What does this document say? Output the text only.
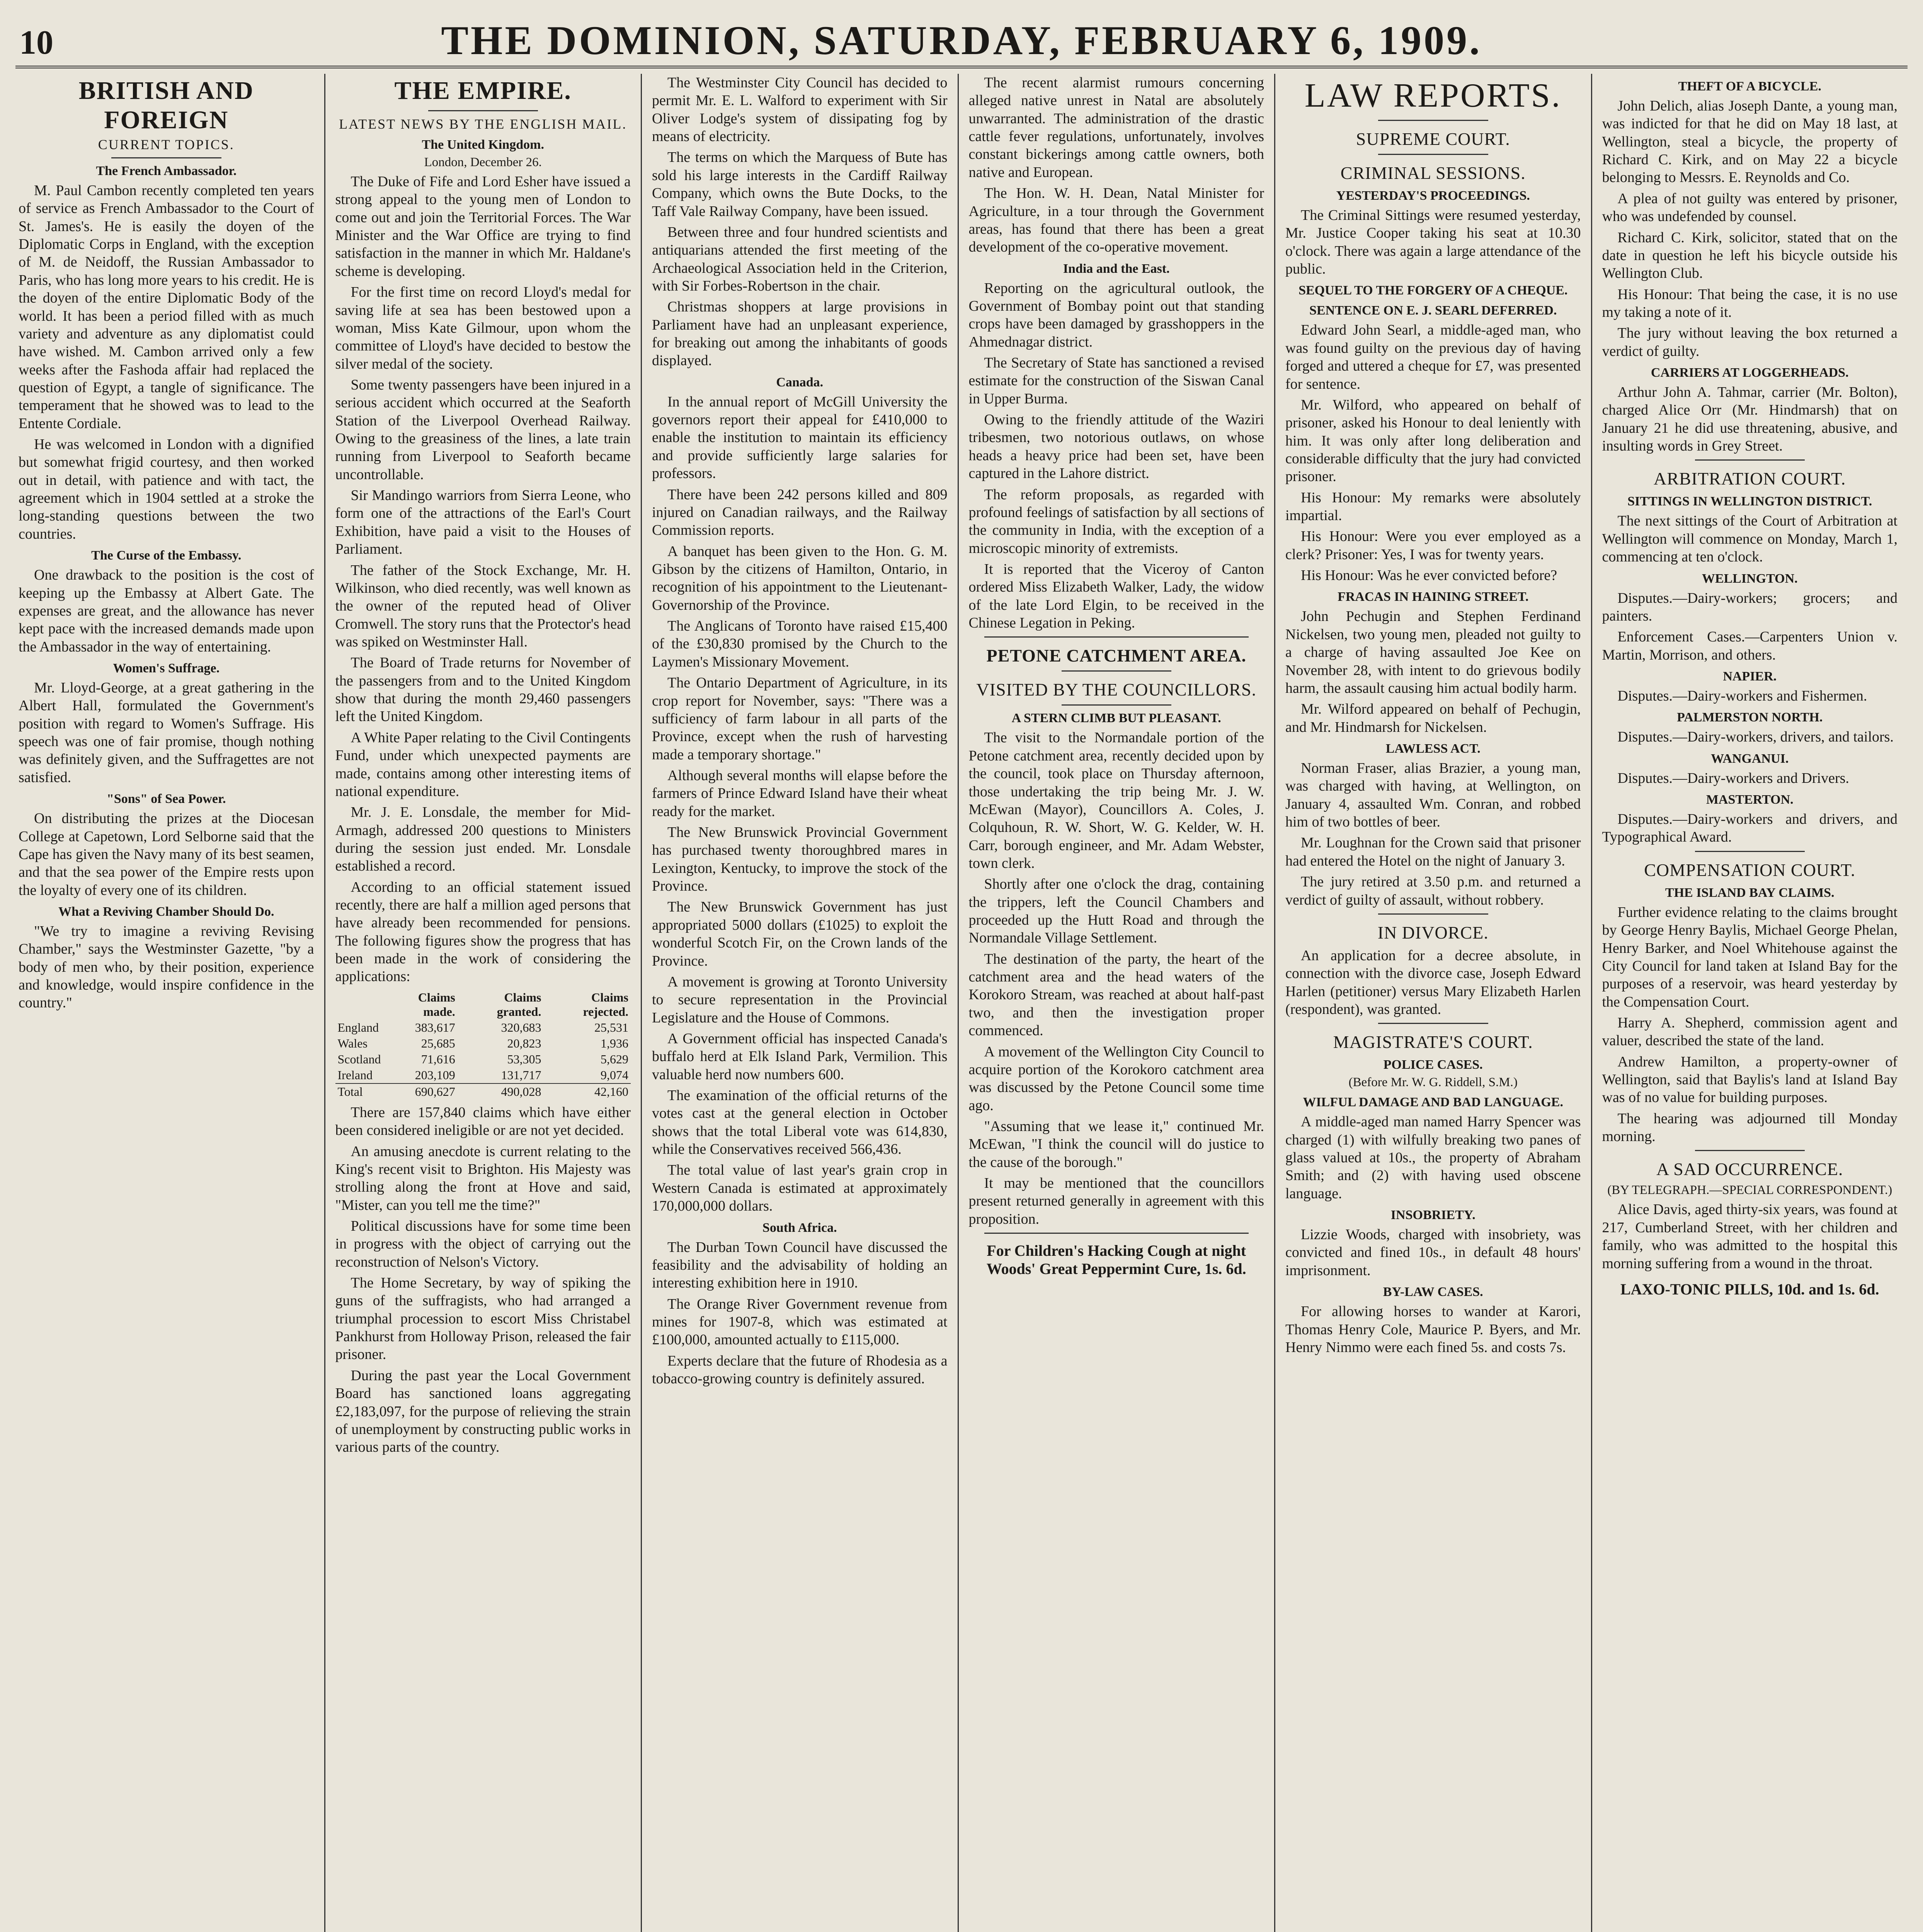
10	THE DOMINION, SATURDAY, FEBRUARY 6, 1909.
BRITISH AND FOREIGN
CURRENT TOPICS.
The French Ambassador.

M. Paul Cambon recently completed ten years of service as French Ambassador to the Court of St. James's. He is easily the doyen of the Diplomatic Corps in England, with the exception of M. de Neidoff, the Russian Ambassador to Paris, who has long more years to his credit. He is the doyen of the entire Diplomatic Body of the world. It has been a period filled with as much variety and adventure as any diplomatist could have wished. M. Cambon arrived only a few weeks after the Fashoda affair had replaced the question of Egypt, a tangle of significance. The temperament that he showed was to lead to the Entente Cordiale.

He was welcomed in London with a dignified but somewhat frigid courtesy, and then worked out in detail, with patience and with tact, the agreement which in 1904 settled at a stroke the long-standing questions between the two countries.

The Curse of the Embassy.

One drawback to the position is the cost of keeping up the Embassy at Albert Gate. The expenses are great, and the allowance has never kept pace with the increased demands made upon the Ambassador in the way of entertaining.

Women's Suffrage.

Mr. Lloyd-George, at a great gathering in the Albert Hall, formulated the Government's position with regard to Women's Suffrage. His speech was one of fair promise, though nothing was definitely given, and the Suffragettes are not satisfied.

"Sons" of Sea Power.

On distributing the prizes at the Diocesan College at Capetown, Lord Selborne said that the Cape has given the Navy many of its best seamen, and that the sea power of the Empire rests upon the loyalty of every one of its children.

What a Reviving Chamber Should Do.

"We try to imagine a reviving Revising Chamber," says the Westminster Gazette, "by a body of men who, by their position, experience and knowledge, would inspire confidence in the country."

THE EMPIRE.
LATEST NEWS BY THE ENGLISH MAIL.
The United Kingdom.
London, December 26.

The Duke of Fife and Lord Esher have issued a strong appeal to the young men of London to come out and join the Territorial Forces. The War Minister and the War Office are trying to find satisfaction in the manner in which Mr. Haldane's scheme is developing.

For the first time on record Lloyd's medal for saving life at sea has been bestowed upon a woman, Miss Kate Gilmour, upon whom the committee of Lloyd's have decided to bestow the silver medal of the society.

Some twenty passengers have been injured in a serious accident which occurred at the Seaforth Station of the Liverpool Overhead Railway. Owing to the greasiness of the lines, a late train running from Liverpool to Seaforth became uncontrollable.

Sir Mandingo warriors from Sierra Leone, who form one of the attractions of the Earl's Court Exhibition, have paid a visit to the Houses of Parliament.

The father of the Stock Exchange, Mr. H. Wilkinson, who died recently, was well known as the owner of the reputed head of Oliver Cromwell. The story runs that the Protector's head was spiked on Westminster Hall.

The Board of Trade returns for November of the passengers from and to the United Kingdom show that during the month 29,460 passengers left the United Kingdom.

A White Paper relating to the Civil Contingents Fund, under which unexpected payments are made, contains among other interesting items of national expenditure.

Mr. J. E. Lonsdale, the member for Mid-Armagh, addressed 200 questions to Ministers during the session just ended. Mr. Lonsdale established a record.

According to an official statement issued recently, there are half a million aged persons that have already been recommended for pensions. The following figures show the progress that has been made in the work of considering the applications:

	Claims made.	Claims granted.	Claims rejected.
England	383,617	320,683	25,531
Wales	25,685	20,823	1,936
Scotland	71,616	53,305	5,629
Ireland	203,109	131,717	9,074
Total	690,627	490,028	42,160

There are 157,840 claims which have either been considered ineligible or are not yet decided.

An amusing anecdote is current relating to the King's recent visit to Brighton. His Majesty was strolling along the front at Hove and said, "Mister, can you tell me the time?"

Political discussions have for some time been in progress with the object of carrying out the reconstruction of Nelson's Victory.

The Home Secretary, by way of spiking the guns of the suffragists, who had arranged a triumphal procession to escort Miss Christabel Pankhurst from Holloway Prison, released the fair prisoner.

During the past year the Local Government Board has sanctioned loans aggregating £2,183,097, for the purpose of relieving the strain of unemployment by constructing public works in various parts of the country.

The Westminster City Council has decided to permit Mr. E. L. Walford to experiment with Sir Oliver Lodge's system of dissipating fog by means of electricity.

The terms on which the Marquess of Bute has sold his large interests in the Cardiff Railway Company, which owns the Bute Docks, to the Taff Vale Railway Company, have been issued.

Between three and four hundred scientists and antiquarians attended the first meeting of the Archaeological Association held in the Criterion, with Sir Forbes-Robertson in the chair.

Christmas shoppers at large provisions in Parliament have had an unpleasant experience, for breaking out among the inhabitants of goods displayed.

Canada.

In the annual report of McGill University the governors report their appeal for £410,000 to enable the institution to maintain its efficiency and provide sufficiently large salaries for professors.

There have been 242 persons killed and 809 injured on Canadian railways, and the Railway Commission reports.

A banquet has been given to the Hon. G. M. Gibson by the citizens of Hamilton, Ontario, in recognition of his appointment to the Lieutenant-Governorship of the Province.

The Anglicans of Toronto have raised £15,400 of the £30,830 promised by the Church to the Laymen's Missionary Movement.

The Ontario Department of Agriculture, in its crop report for November, says: "There was a sufficiency of farm labour in all parts of the Province, except when the rush of harvesting made a temporary shortage."

Although several months will elapse before the farmers of Prince Edward Island have their wheat ready for the market.

The New Brunswick Provincial Government has purchased twenty thoroughbred mares in Lexington, Kentucky, to improve the stock of the Province.

The New Brunswick Government has just appropriated 5000 dollars (£1025) to exploit the wonderful Scotch Fir, on the Crown lands of the Province.

A movement is growing at Toronto University to secure representation in the Provincial Legislature and the House of Commons.

A Government official has inspected Canada's buffalo herd at Elk Island Park, Vermilion. This valuable herd now numbers 600.

The examination of the official returns of the votes cast at the general election in October shows that the total Liberal vote was 614,830, while the Conservatives received 566,436.

The total value of last year's grain crop in Western Canada is estimated at approximately 170,000,000 dollars.

South Africa.

The Durban Town Council have discussed the feasibility and the advisability of holding an interesting exhibition here in 1910.

The Orange River Government revenue from mines for 1907-8, which was estimated at £100,000, amounted actually to £115,000.

Experts declare that the future of Rhodesia as a tobacco-growing country is definitely assured.

The recent alarmist rumours concerning alleged native unrest in Natal are absolutely unwarranted. The administration of the drastic cattle fever regulations, unfortunately, involves constant bickerings among cattle owners, both native and European.

The Hon. W. H. Dean, Natal Minister for Agriculture, in a tour through the Government areas, has found that there has been a great development of the co-operative movement.

India and the East.

Reporting on the agricultural outlook, the Government of Bombay point out that standing crops have been damaged by grasshoppers in the Ahmednagar district.

The Secretary of State has sanctioned a revised estimate for the construction of the Siswan Canal in Upper Burma.

Owing to the friendly attitude of the Waziri tribesmen, two notorious outlaws, on whose heads a heavy price had been set, have been captured in the Lahore district.

The reform proposals, as regarded with profound feelings of satisfaction by all sections of the community in India, with the exception of a microscopic minority of extremists.

It is reported that the Viceroy of Canton ordered Miss Elizabeth Walker, Lady, the widow of the late Lord Elgin, to be received in the Chinese Legation in Peking.

PETONE CATCHMENT AREA.
VISITED BY THE COUNCILLORS.
A STERN CLIMB BUT PLEASANT.

The visit to the Normandale portion of the Petone catchment area, recently decided upon by the council, took place on Thursday afternoon, those undertaking the trip being Mr. J. W. McEwan (Mayor), Councillors A. Coles, J. Colquhoun, R. W. Short, W. G. Kelder, W. H. Carr, borough engineer, and Mr. Adam Webster, town clerk.

Shortly after one o'clock the drag, containing the trippers, left the Council Chambers and proceeded up the Hutt Road and through the Normandale Village Settlement.

The destination of the party, the heart of the catchment area and the head waters of the Korokoro Stream, was reached at about half-past two, and then the investigation proper commenced.

A movement of the Wellington City Council to acquire portion of the Korokoro catchment area was discussed by the Petone Council some time ago.

"Assuming that we lease it," continued Mr. McEwan, "I think the council will do justice to the cause of the borough."

It may be mentioned that the councillors present returned generally in agreement with this proposition.

For Children's Hacking Cough at night Woods' Great Peppermint Cure, 1s. 6d.
LAW REPORTS.
SUPREME COURT.
CRIMINAL SESSIONS.
YESTERDAY'S PROCEEDINGS.

The Criminal Sittings were resumed yesterday, Mr. Justice Cooper taking his seat at 10.30 o'clock. There was again a large attendance of the public.

SEQUEL TO THE FORGERY OF A CHEQUE.
SENTENCE ON E. J. SEARL DEFERRED.

Edward John Searl, a middle-aged man, who was found guilty on the previous day of having forged and uttered a cheque for £7, was presented for sentence.

Mr. Wilford, who appeared on behalf of prisoner, asked his Honour to deal leniently with him. It was only after long deliberation and considerable difficulty that the jury had convicted prisoner.

His Honour: My remarks were absolutely impartial.

His Honour: Were you ever employed as a clerk? Prisoner: Yes, I was for twenty years.

His Honour: Was he ever convicted before?

FRACAS IN HAINING STREET.

John Pechugin and Stephen Ferdinand Nickelsen, two young men, pleaded not guilty to a charge of having assaulted Joe Kee on November 28, with intent to do grievous bodily harm, the assault causing him actual bodily harm.

Mr. Wilford appeared on behalf of Pechugin, and Mr. Hindmarsh for Nickelsen.

LAWLESS ACT.

Norman Fraser, alias Brazier, a young man, was charged with having, at Wellington, on January 4, assaulted Wm. Conran, and robbed him of two bottles of beer.

Mr. Loughnan for the Crown said that prisoner had entered the Hotel on the night of January 3.

The jury retired at 3.50 p.m. and returned a verdict of guilty of assault, without robbery.

IN DIVORCE.

An application for a decree absolute, in connection with the divorce case, Joseph Edward Harlen (petitioner) versus Mary Elizabeth Harlen (respondent), was granted.

MAGISTRATE'S COURT.
POLICE CASES.
(Before Mr. W. G. Riddell, S.M.)
WILFUL DAMAGE AND BAD LANGUAGE.

A middle-aged man named Harry Spencer was charged (1) with wilfully breaking two panes of glass valued at 10s., the property of Abraham Smith; and (2) with having used obscene language.

INSOBRIETY.

Lizzie Woods, charged with insobriety, was convicted and fined 10s., in default 48 hours' imprisonment.

BY-LAW CASES.

For allowing horses to wander at Karori, Thomas Henry Cole, Maurice P. Byers, and Mr. Henry Nimmo were each fined 5s. and costs 7s.

THEFT OF A BICYCLE.

John Delich, alias Joseph Dante, a young man, was indicted for that he did on May 18 last, at Wellington, steal a bicycle, the property of Richard C. Kirk, and on May 22 a bicycle belonging to Messrs. E. Reynolds and Co.

A plea of not guilty was entered by prisoner, who was undefended by counsel.

Richard C. Kirk, solicitor, stated that on the date in question he left his bicycle outside his Wellington Club.

His Honour: That being the case, it is no use my taking a note of it.

The jury without leaving the box returned a verdict of guilty.

CARRIERS AT LOGGERHEADS.

Arthur John A. Tahmar, carrier (Mr. Bolton), charged Alice Orr (Mr. Hindmarsh) that on January 21 he did use threatening, abusive, and insulting words in Grey Street.

ARBITRATION COURT.
SITTINGS IN WELLINGTON DISTRICT.

The next sittings of the Court of Arbitration at Wellington will commence on Monday, March 1, commencing at ten o'clock.

WELLINGTON.

Disputes.—Dairy-workers; grocers; and painters.

Enforcement Cases.—Carpenters Union v. Martin, Morrison, and others.

NAPIER.

Disputes.—Dairy-workers and Fishermen.

PALMERSTON NORTH.

Disputes.—Dairy-workers, drivers, and tailors.

WANGANUI.

Disputes.—Dairy-workers and Drivers.

MASTERTON.

Disputes.—Dairy-workers and drivers, and Typographical Award.

COMPENSATION COURT.
THE ISLAND BAY CLAIMS.

Further evidence relating to the claims brought by George Henry Baylis, Michael George Phelan, Henry Barker, and Noel Whitehouse against the City Council for land taken at Island Bay for the purposes of a reservoir, was heard yesterday by the Compensation Court.

Harry A. Shepherd, commission agent and valuer, described the state of the land.

Andrew Hamilton, a property-owner of Wellington, said that Baylis's land at Island Bay was of no value for building purposes.

The hearing was adjourned till Monday morning.

A SAD OCCURRENCE.
(BY TELEGRAPH.—SPECIAL CORRESPONDENT.)

Alice Davis, aged thirty-six years, was found at 217, Cumberland Street, with her children and family, who was admitted to the hospital this morning suffering from a wound in the throat.

LAXO-TONIC PILLS, 10d. and 1s. 6d.
